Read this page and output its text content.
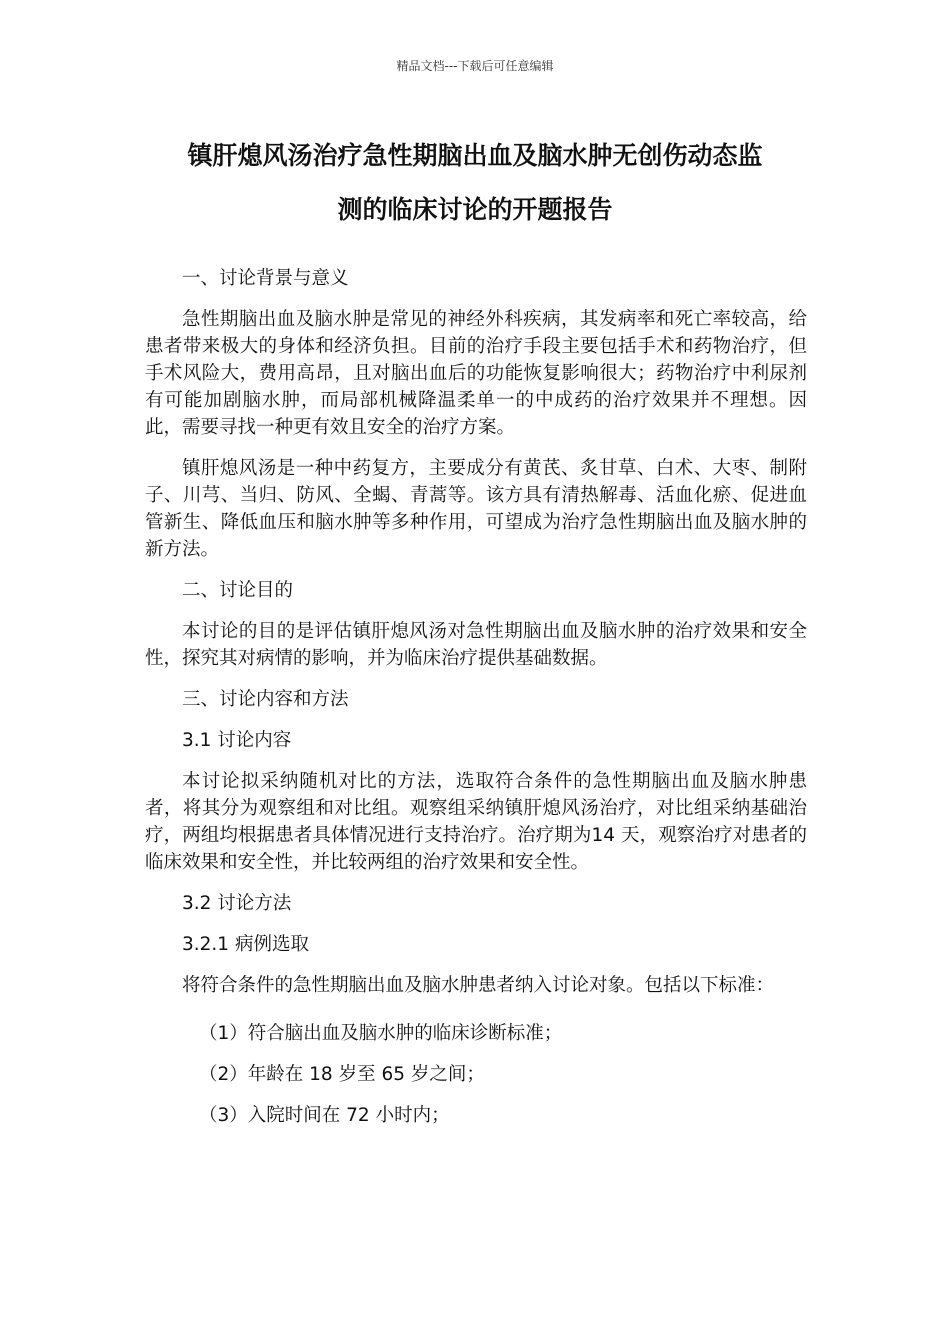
精品文档---下载后可任意编辑
镇肝熄风汤治疗急性期脑出血及脑水肿无创伤动态监
测的临床讨论的开题报告

一、讨论背景与意义

急性期脑出血及脑水肿是常见的神经外科疾病，其发病率和死亡率较高，给患者带来极大的身体和经济负担。目前的治疗手段主要包括手术和药物治疗，但手术风险大，费用高昂，且对脑出血后的功能恢复影响很大；药物治疗中利尿剂有可能加剧脑水肿，而局部机械降温柔单一的中成药的治疗效果并不理想。因此，需要寻找一种更有效且安全的治疗方案。

镇肝熄风汤是一种中药复方，主要成分有黄芪、炙甘草、白术、大枣、制附子、川芎、当归、防风、全蝎、青蒿等。该方具有清热解毒、活血化瘀、促进血管新生、降低血压和脑水肿等多种作用，可望成为治疗急性期脑出血及脑水肿的新方法。

二、讨论目的

本讨论的目的是评估镇肝熄风汤对急性期脑出血及脑水肿的治疗效果和安全性，探究其对病情的影响，并为临床治疗提供基础数据。

三、讨论内容和方法

3.1 讨论内容

本讨论拟采纳随机对比的方法，选取符合条件的急性期脑出血及脑水肿患者，将其分为观察组和对比组。观察组采纳镇肝熄风汤治疗，对比组采纳基础治疗，两组均根据患者具体情况进行支持治疗。治疗期为14 天，观察治疗对患者的临床效果和安全性，并比较两组的治疗效果和安全性。

3.2 讨论方法

3.2.1 病例选取

将符合条件的急性期脑出血及脑水肿患者纳入讨论对象。包括以下标准：

（1）符合脑出血及脑水肿的临床诊断标准；

（2）年龄在 18 岁至 65 岁之间；

（3）入院时间在 72 小时内；
